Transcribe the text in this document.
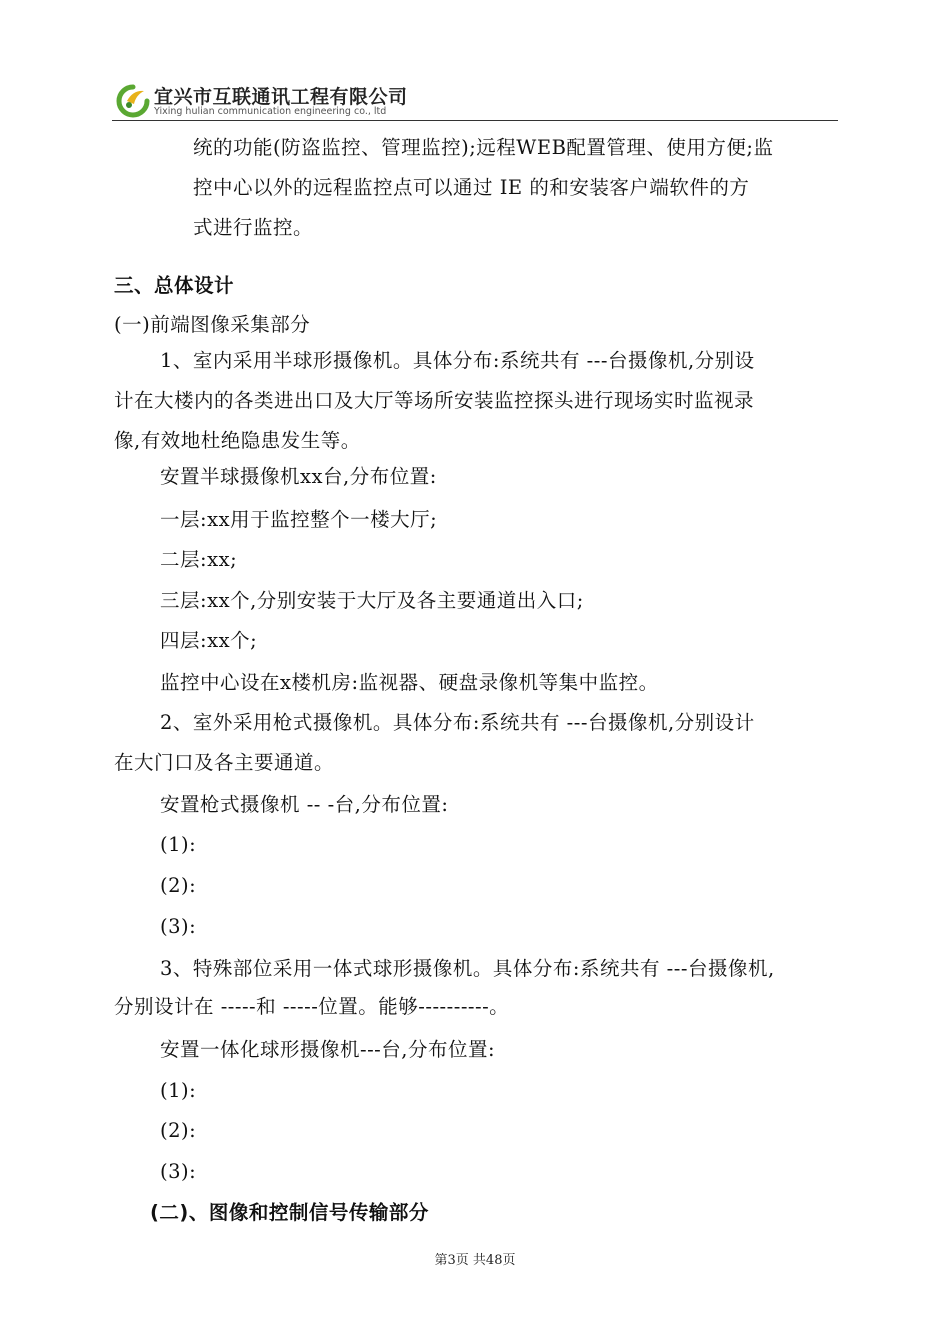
宜兴市互联通讯工程有限公司
Yixing hulian communication engineering co., ltd
统的功能(防盗监控、管理监控);远程WEB配置管理、使用方便;监
控中心以外的远程监控点可以通过 IE 的和安装客户端软件的方
式进行监控。
三、总体设计
(一)前端图像采集部分
1、室内采用半球形摄像机。具体分布:系统共有 ---台摄像机,分别设
计在大楼内的各类进出口及大厅等场所安装监控探头进行现场实时监视录
像,有效地杜绝隐患发生等。
安置半球摄像机xx台,分布位置:
一层:xx用于监控整个一楼大厅;
二层:xx;
三层:xx个,分别安装于大厅及各主要通道出入口;
四层:xx个;
监控中心设在x楼机房:监视器、硬盘录像机等集中监控。
2、室外采用枪式摄像机。具体分布:系统共有 ---台摄像机,分别设计
在大门口及各主要通道。
安置枪式摄像机 -- -台,分布位置:
(1):
(2):
(3):
3、特殊部位采用一体式球形摄像机。具体分布:系统共有 ---台摄像机,
分别设计在 -----和 -----位置。能够----------。
安置一体化球形摄像机---台,分布位置:
(1):
(2):
(3):
(二)、图像和控制信号传输部分
第3页 共48页
